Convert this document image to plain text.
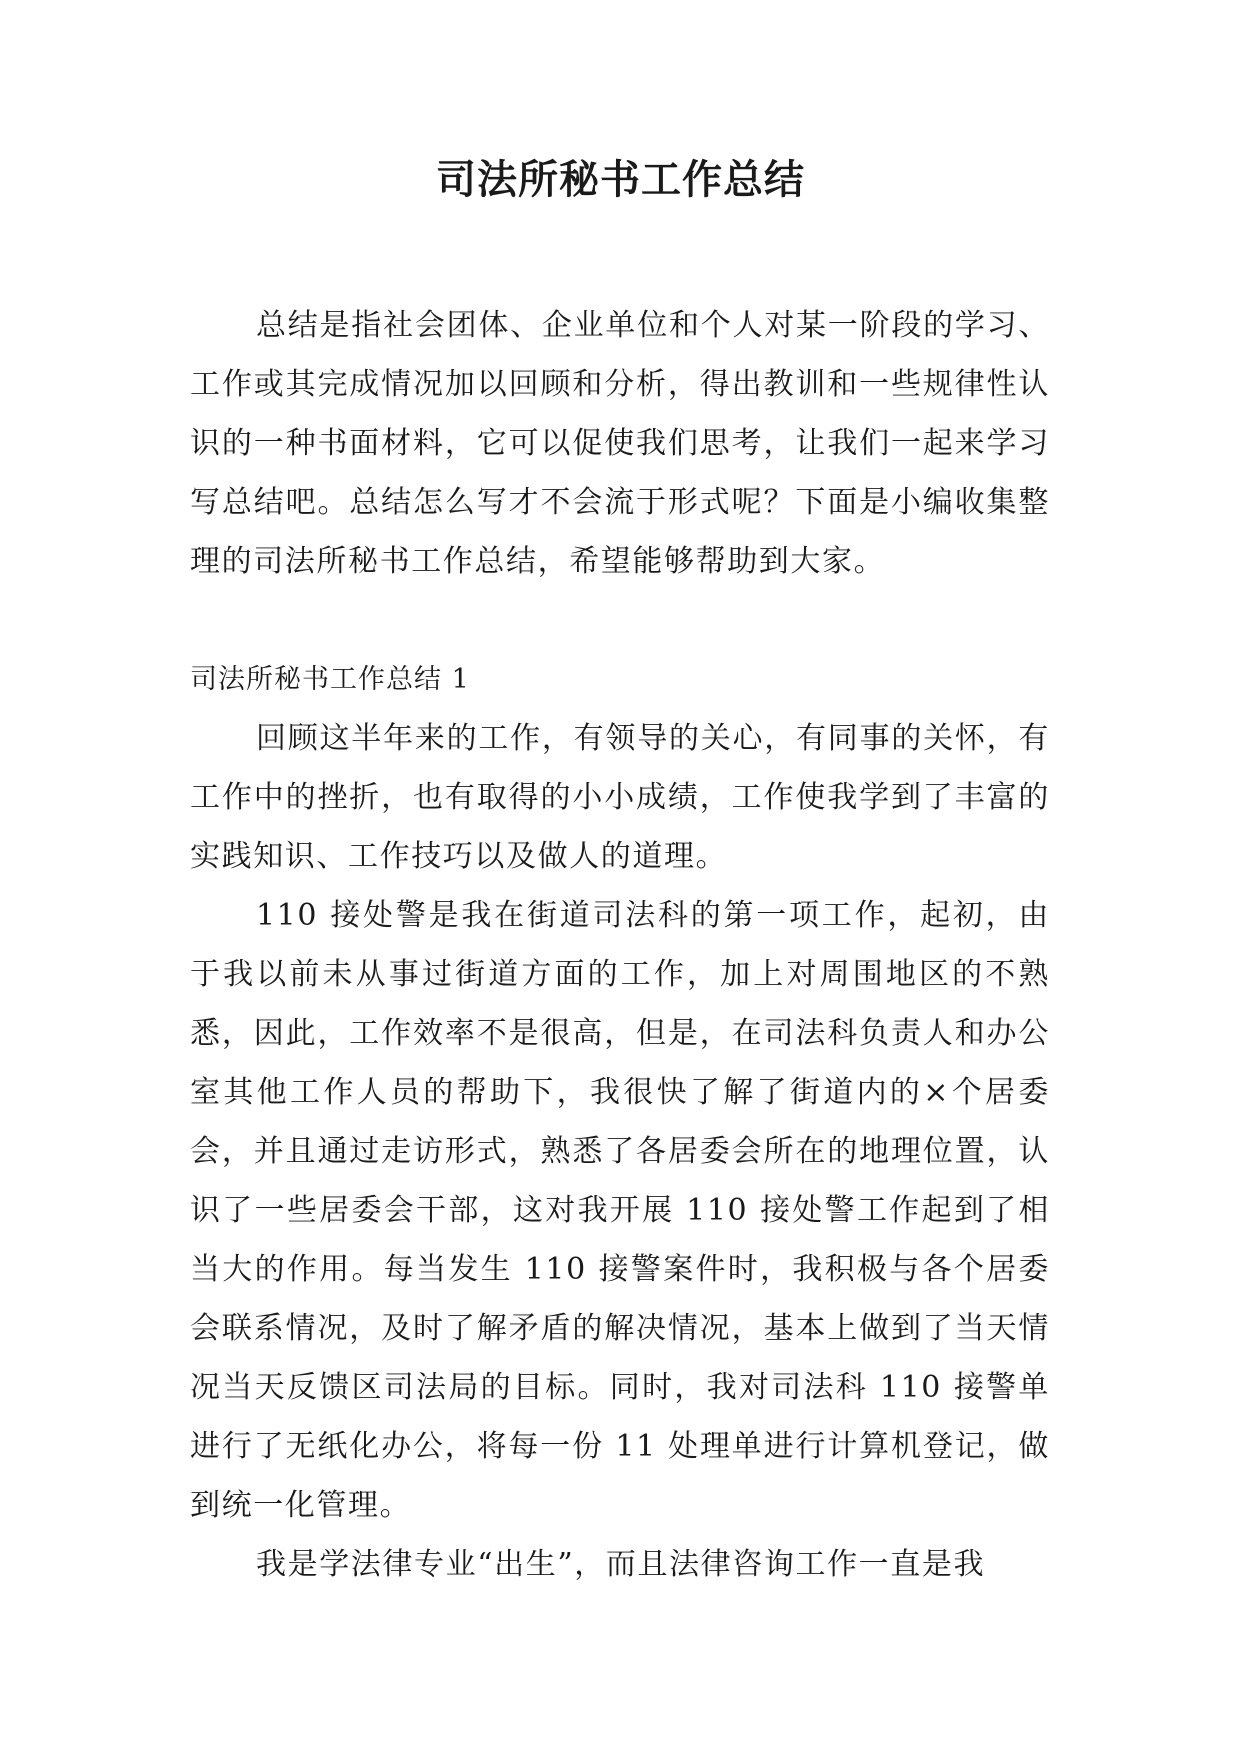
司法所秘书工作总结

总结是指社会团体、企业单位和个人对某一阶段的学习、工作或其完成情况加以回顾和分析，得出教训和一些规律性认识的一种书面材料，它可以促使我们思考，让我们一起来学习写总结吧。总结怎么写才不会流于形式呢？下面是小编收集整理的司法所秘书工作总结，希望能够帮助到大家。

司法所秘书工作总结 1

回顾这半年来的工作，有领导的关心，有同事的关怀，有工作中的挫折，也有取得的小小成绩，工作使我学到了丰富的实践知识、工作技巧以及做人的道理。

110 接处警是我在街道司法科的第一项工作，起初，由于我以前未从事过街道方面的工作，加上对周围地区的不熟悉，因此，工作效率不是很高，但是，在司法科负责人和办公室其他工作人员的帮助下，我很快了解了街道内的×个居委会，并且通过走访形式，熟悉了各居委会所在的地理位置，认识了一些居委会干部，这对我开展 110 接处警工作起到了相当大的作用。每当发生 110 接警案件时，我积极与各个居委会联系情况，及时了解矛盾的解决情况，基本上做到了当天情况当天反馈区司法局的目标。同时，我对司法科 110 接警单进行了无纸化办公，将每一份 11 处理单进行计算机登记，做到统一化管理。

我是学法律专业“出生”，而且法律咨询工作一直是我
